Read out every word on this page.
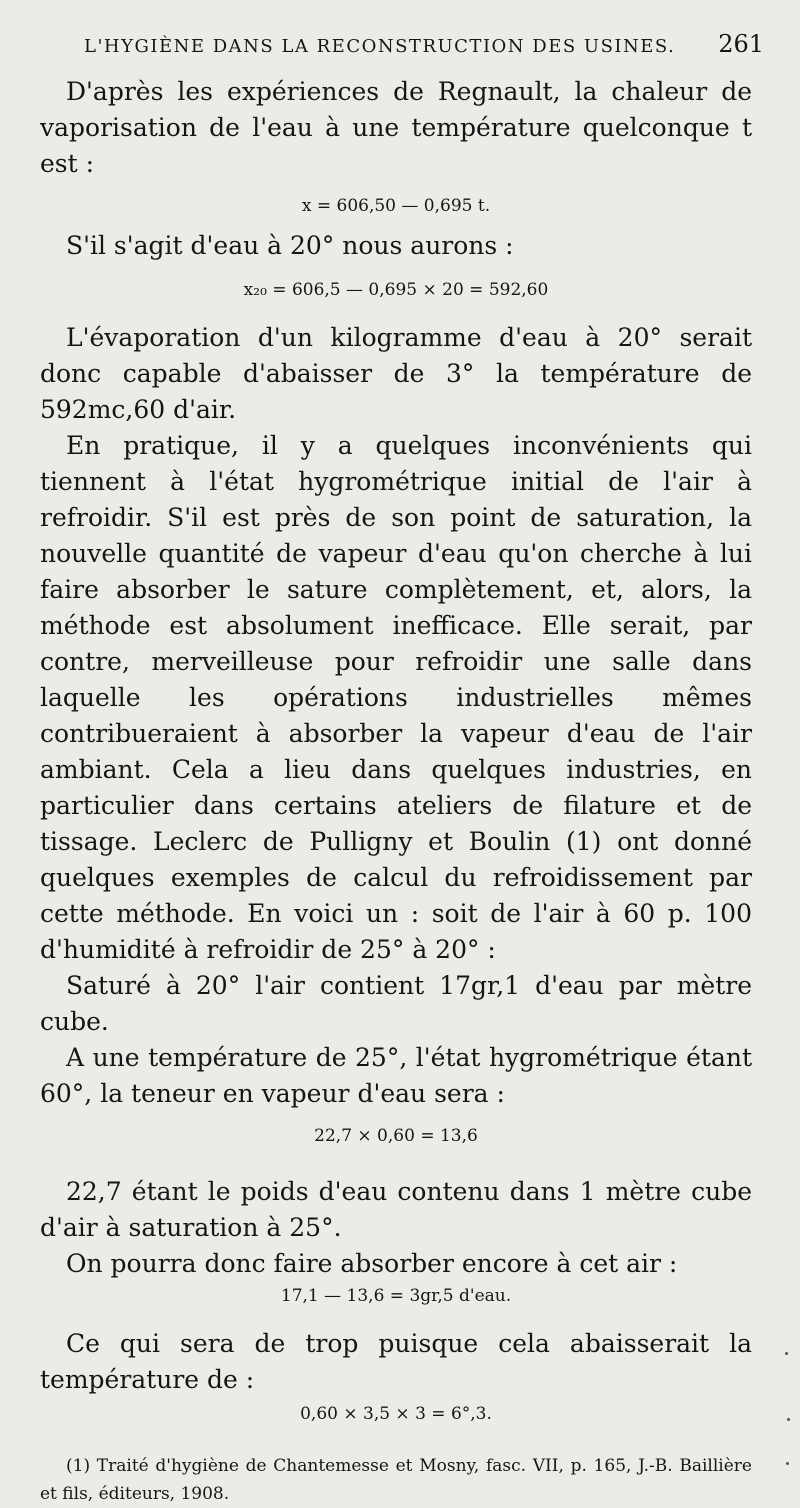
L'HYGIÈNE DANS LA RECONSTRUCTION DES USINES. 261

D'après les expériences de Regnault, la chaleur de vaporisation de l'eau à une température quelconque t est :

x = 606,50 — 0,695 t.

S'il s'agit d'eau à 20° nous aurons :

x₂₀ = 606,5 — 0,695 × 20 = 592,60

L'évaporation d'un kilogramme d'eau à 20° serait donc capable d'abaisser de 3° la température de 592mc,60 d'air.

En pratique, il y a quelques inconvénients qui tiennent à l'état hygrométrique initial de l'air à refroidir. S'il est près de son point de saturation, la nouvelle quantité de vapeur d'eau qu'on cherche à lui faire absorber le sature complètement, et, alors, la méthode est absolument inefficace. Elle serait, par contre, merveilleuse pour refroidir une salle dans laquelle les opérations industrielles mêmes contribueraient à absorber la vapeur d'eau de l'air ambiant. Cela a lieu dans quelques industries, en particulier dans certains ateliers de filature et de tissage. Leclerc de Pulligny et Boulin (1) ont donné quelques exemples de calcul du refroidissement par cette méthode. En voici un : soit de l'air à 60 p. 100 d'humidité à refroidir de 25° à 20° :

Saturé à 20° l'air contient 17gr,1 d'eau par mètre cube.

A une température de 25°, l'état hygrométrique étant 60°, la teneur en vapeur d'eau sera :

22,7 × 0,60 = 13,6

22,7 étant le poids d'eau contenu dans 1 mètre cube d'air à saturation à 25°.

On pourra donc faire absorber encore à cet air :

17,1 — 13,6 = 3gr,5 d'eau.

Ce qui sera de trop puisque cela abaisserait la température de :

0,60 × 3,5 × 3 = 6°,3.
(1) Traité d'hygiène de Chantemesse et Mosny, fasc. VII, p. 165, J.-B. Baillière et fils, éditeurs, 1908.
